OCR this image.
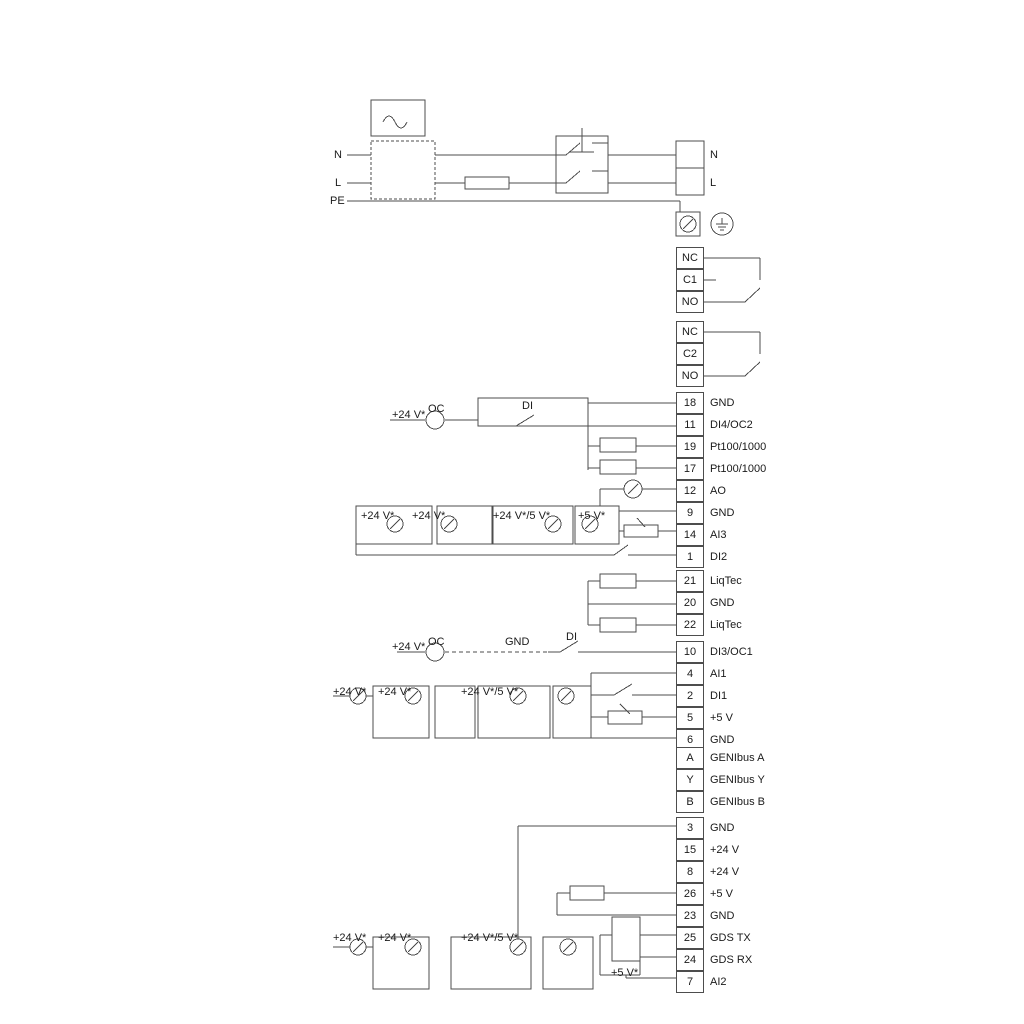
NC
C1
NO
NC
C2
NO
18 GND
11 DI4/OC2
19 Pt100/1000
17 Pt100/1000
12 AO
9 GND
14 AI3
1 DI2
21 LiqTec
20 GND
22 LiqTec
10 DI3/OC1
4 AI1
2 DI1
5 +5 V
6 GND
A GENIbus A
Y GENIbus Y
B GENIbus B
3 GND
15 +24 V
8 +24 V
26 +5 V
23 GND
25 GDS TX
24 GDS RX
7 AI2
N
L
PE
N
L
OC	DI
+24 V*
+24 V* +24 V*	+24 V*/5 V*	+5 V*
OC
+24 V*	GND	DI
+24 V* +24 V*	+24 V*/5 V*
+24 V* +24 V*	+24 V*/5 V*
+5 V*
